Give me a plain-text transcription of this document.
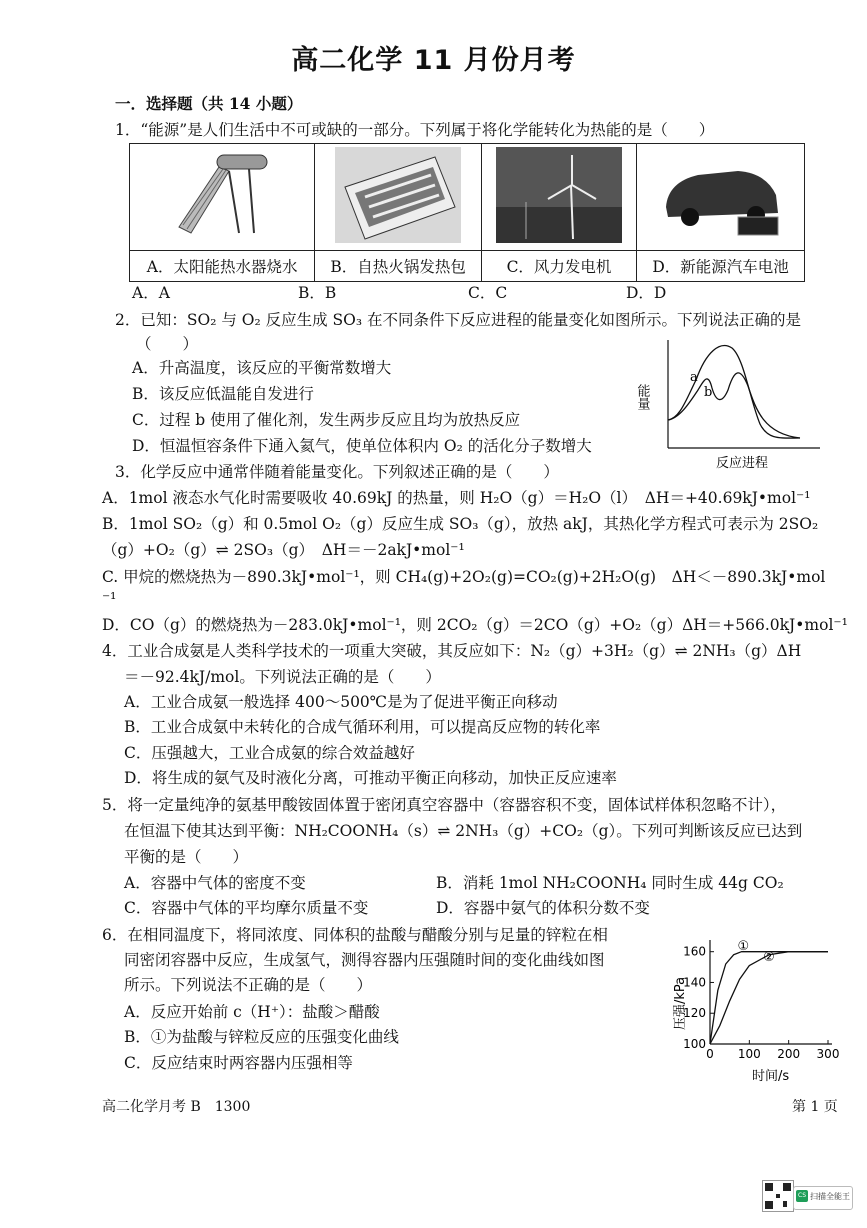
高二化学 11 月份月考
一．选择题（共 14 小题）
1．“能源”是人们生活中不可或缺的一部分。下列属于将化学能转化为热能的是（　　）

A．太阳能热水器烧水	B．自热火锅发热包	C．风力发电机	D．新能源汽车电池
A．A	B．B	C．C	D．D
2．已知：SO₂ 与 O₂ 反应生成 SO₃ 在不同条件下反应进程的能量变化如图所示。下列说法正确的是
（　　）
A．升高温度，该反应的平衡常数增大
B．该反应低温能自发进行
C．过程 b 使用了催化剂，发生两步反应且均为放热反应
D．恒温恒容条件下通入氦气，使单位体积内 O₂ 的活化分子数增大
能量
a
b
反应进程
3．化学反应中通常伴随着能量变化。下列叙述正确的是（　　）
A．1mol 液态水气化时需要吸收 40.69kJ 的热量，则 H₂O（g）＝H₂O（l）　ΔH＝+40.69kJ•mol⁻¹
B．1mol SO₂（g）和 0.5mol O₂（g）反应生成 SO₃（g），放热 akJ，其热化学方程式可表示为 2SO₂
（g）+O₂（g）⇌ 2SO₃（g）　ΔH＝－2akJ•mol⁻¹
C. 甲烷的燃烧热为－890.3kJ•mol⁻¹，则 CH₄(g)+2O₂(g)=CO₂(g)+2H₂O(g)　ΔH＜－890.3kJ•mol
⁻¹
D．CO（g）的燃烧热为－283.0kJ•mol⁻¹，则 2CO₂（g）＝2CO（g）+O₂（g）ΔH＝+566.0kJ•mol⁻¹
4．工业合成氨是人类科学技术的一项重大突破，其反应如下：N₂（g）+3H₂（g）⇌ 2NH₃（g）ΔH
＝－92.4kJ/mol。下列说法正确的是（　　）
A．工业合成氨一般选择 400～500℃是为了促进平衡正向移动
B．工业合成氨中未转化的合成气循环利用，可以提高反应物的转化率
C．压强越大，工业合成氨的综合效益越好
D．将生成的氨气及时液化分离，可推动平衡正向移动，加快正反应速率
5．将一定量纯净的氨基甲酸铵固体置于密闭真空容器中（容器容积不变，固体试样体积忽略不计），
在恒温下使其达到平衡：NH₂COONH₄（s）⇌ 2NH₃（g）+CO₂（g）。下列可判断该反应已达到
平衡的是（　　）
A．容器中气体的密度不变	B．消耗 1mol NH₂COONH₄ 同时生成 44g CO₂
C．容器中气体的平均摩尔质量不变	D．容器中氨气的体积分数不变
6．在相同温度下，将同浓度、同体积的盐酸与醋酸分别与足量的锌粒在相
同密闭容器中反应，生成氢气，测得容器内压强随时间的变化曲线如图
所示。下列说法不正确的是（　　）
A．反应开始前 c（H⁺）：盐酸＞醋酸
B．①为盐酸与锌粒反应的压强变化曲线
C．反应结束时两容器内压强相等
压强/kPa
时间/s
100
120
140
160
0 100 200 300
①
②
高二化学月考 B　1300	第 1 页
CS 扫描全能王
